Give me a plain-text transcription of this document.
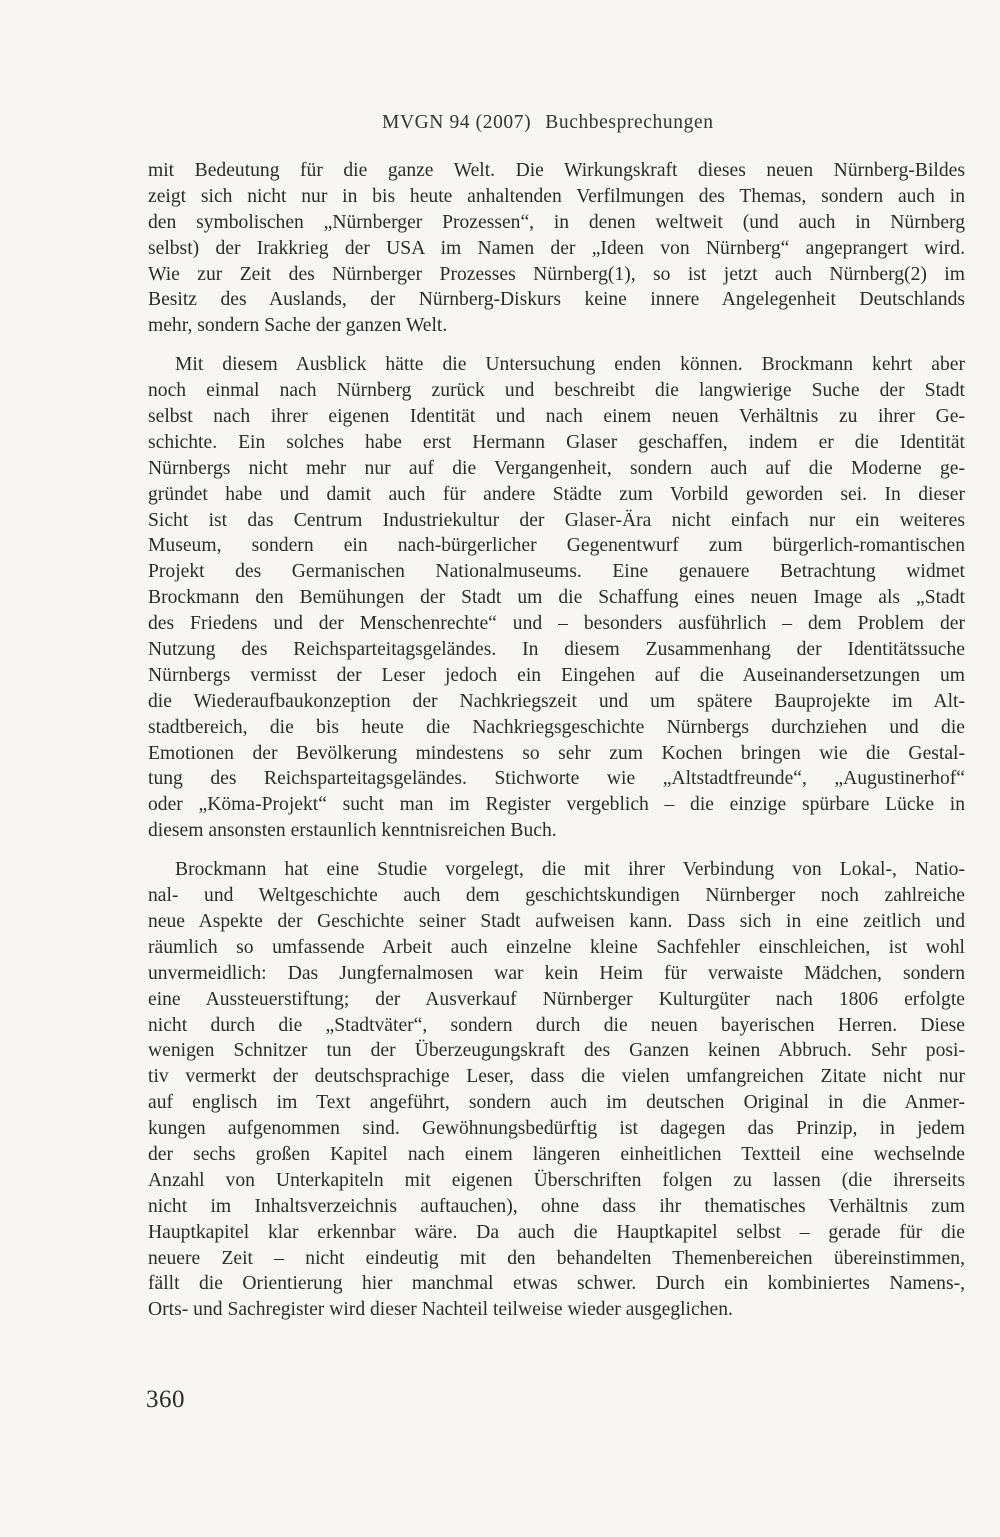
MVGN 94 (2007) Buchbesprechungen
mit Bedeutung für die ganze Welt. Die Wirkungskraft dieses neuen Nürnberg-Bildes
zeigt sich nicht nur in bis heute anhaltenden Verfilmungen des Themas, sondern auch in
den symbolischen „Nürnberger Prozessen“, in denen weltweit (und auch in Nürnberg
selbst) der Irakkrieg der USA im Namen der „Ideen von Nürnberg“ angeprangert wird.
Wie zur Zeit des Nürnberger Prozesses Nürnberg(1), so ist jetzt auch Nürnberg(2) im
Besitz des Auslands, der Nürnberg-Diskurs keine innere Angelegenheit Deutschlands
mehr, sondern Sache der ganzen Welt.
Mit diesem Ausblick hätte die Untersuchung enden können. Brockmann kehrt aber
noch einmal nach Nürnberg zurück und beschreibt die langwierige Suche der Stadt
selbst nach ihrer eigenen Identität und nach einem neuen Verhältnis zu ihrer Ge-
schichte. Ein solches habe erst Hermann Glaser geschaffen, indem er die Identität
Nürnbergs nicht mehr nur auf die Vergangenheit, sondern auch auf die Moderne ge-
gründet habe und damit auch für andere Städte zum Vorbild geworden sei. In dieser
Sicht ist das Centrum Industriekultur der Glaser-Ära nicht einfach nur ein weiteres
Museum, sondern ein nach-bürgerlicher Gegenentwurf zum bürgerlich-romantischen
Projekt des Germanischen Nationalmuseums. Eine genauere Betrachtung widmet
Brockmann den Bemühungen der Stadt um die Schaffung eines neuen Image als „Stadt
des Friedens und der Menschenrechte“ und – besonders ausführlich – dem Problem der
Nutzung des Reichsparteitagsgeländes. In diesem Zusammenhang der Identitätssuche
Nürnbergs vermisst der Leser jedoch ein Eingehen auf die Auseinandersetzungen um
die Wiederaufbaukonzeption der Nachkriegszeit und um spätere Bauprojekte im Alt-
stadtbereich, die bis heute die Nachkriegsgeschichte Nürnbergs durchziehen und die
Emotionen der Bevölkerung mindestens so sehr zum Kochen bringen wie die Gestal-
tung des Reichsparteitagsgeländes. Stichworte wie „Altstadtfreunde“, „Augustinerhof“
oder „Köma-Projekt“ sucht man im Register vergeblich – die einzige spürbare Lücke in
diesem ansonsten erstaunlich kenntnisreichen Buch.
Brockmann hat eine Studie vorgelegt, die mit ihrer Verbindung von Lokal-, Natio-
nal- und Weltgeschichte auch dem geschichtskundigen Nürnberger noch zahlreiche
neue Aspekte der Geschichte seiner Stadt aufweisen kann. Dass sich in eine zeitlich und
räumlich so umfassende Arbeit auch einzelne kleine Sachfehler einschleichen, ist wohl
unvermeidlich: Das Jungfernalmosen war kein Heim für verwaiste Mädchen, sondern
eine Aussteuerstiftung; der Ausverkauf Nürnberger Kulturgüter nach 1806 erfolgte
nicht durch die „Stadtväter“, sondern durch die neuen bayerischen Herren. Diese
wenigen Schnitzer tun der Überzeugungskraft des Ganzen keinen Abbruch. Sehr posi-
tiv vermerkt der deutschsprachige Leser, dass die vielen umfangreichen Zitate nicht nur
auf englisch im Text angeführt, sondern auch im deutschen Original in die Anmer-
kungen aufgenommen sind. Gewöhnungsbedürftig ist dagegen das Prinzip, in jedem
der sechs großen Kapitel nach einem längeren einheitlichen Textteil eine wechselnde
Anzahl von Unterkapiteln mit eigenen Überschriften folgen zu lassen (die ihrerseits
nicht im Inhaltsverzeichnis auftauchen), ohne dass ihr thematisches Verhältnis zum
Hauptkapitel klar erkennbar wäre. Da auch die Hauptkapitel selbst – gerade für die
neuere Zeit – nicht eindeutig mit den behandelten Themenbereichen übereinstimmen,
fällt die Orientierung hier manchmal etwas schwer. Durch ein kombiniertes Namens-,
Orts- und Sachregister wird dieser Nachteil teilweise wieder ausgeglichen.
360
